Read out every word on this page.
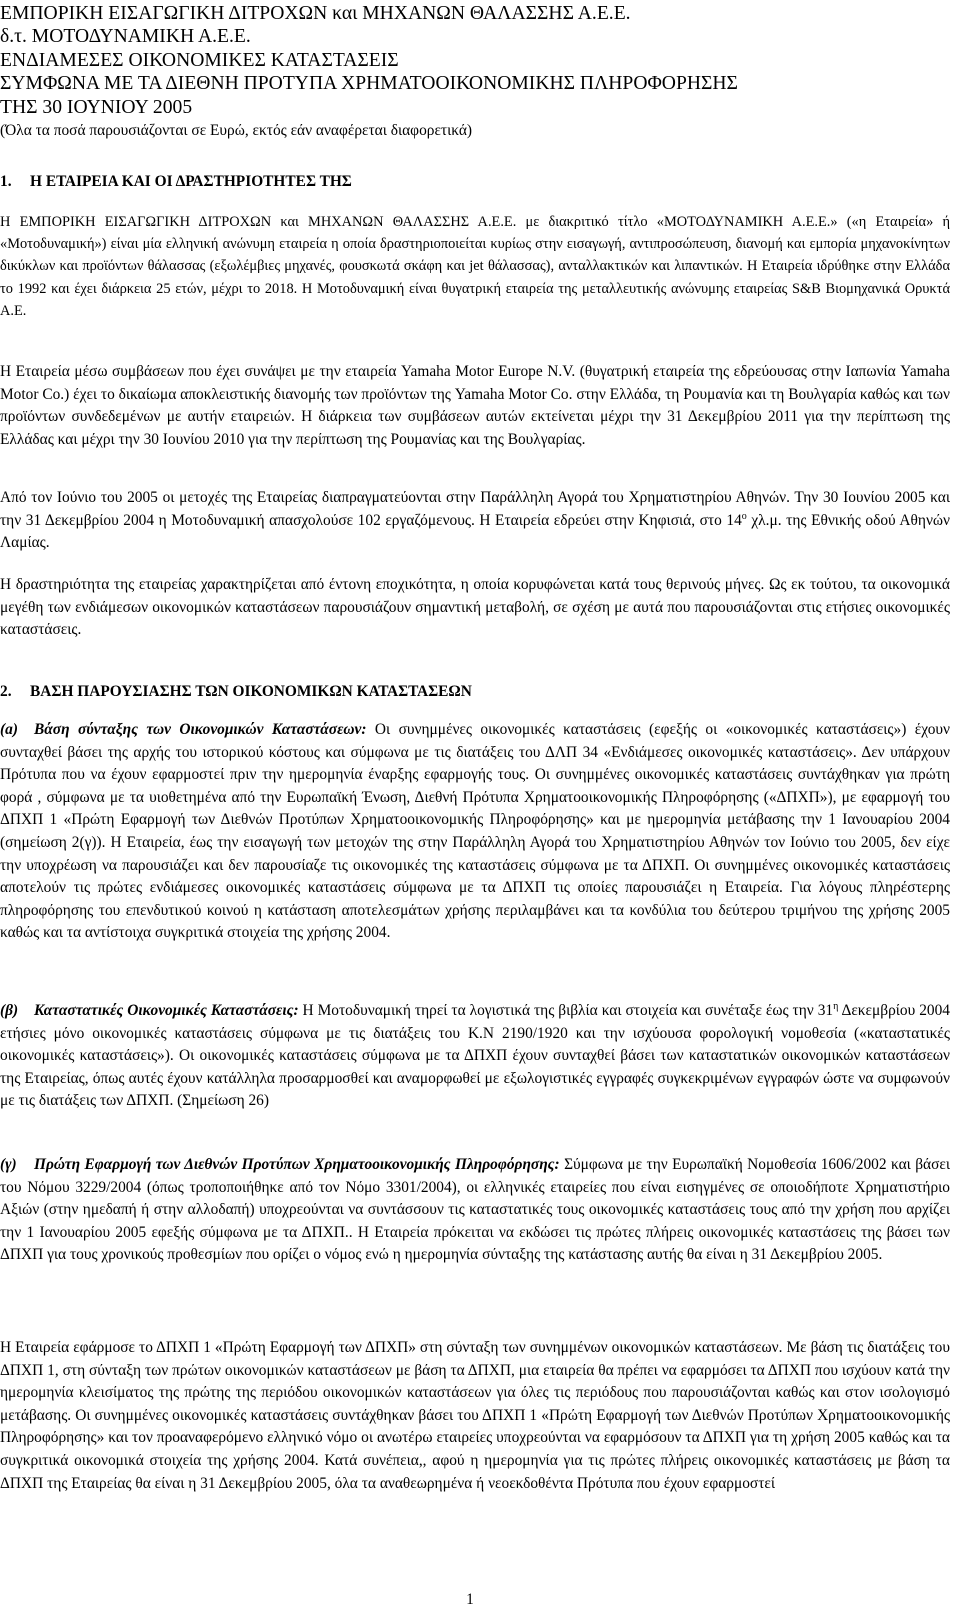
ΕΜΠΟΡΙΚΗ ΕΙΣΑΓΩΓΙΚΗ ΔΙΤΡΟΧΩΝ και ΜΗΧΑΝΩΝ ΘΑΛΑΣΣΗΣ Α.Ε.Ε.
δ.τ. ΜΟΤΟΔΥΝΑΜΙΚΗ Α.Ε.Ε.
ΕΝΔΙΑΜΕΣΕΣ ΟΙΚΟΝΟΜΙΚΕΣ ΚΑΤΑΣΤΑΣΕΙΣ
ΣΥΜΦΩΝΑ ΜΕ ΤΑ ΔΙΕΘΝΗ ΠΡΟΤΥΠΑ ΧΡΗΜΑΤΟΟΙΚΟΝΟΜΙΚΗΣ ΠΛΗΡΟΦΟΡΗΣΗΣ
ΤΗΣ 30 ΙΟΥΝΙΟΥ 2005
(Όλα τα ποσά παρουσιάζονται σε Ευρώ, εκτός εάν αναφέρεται διαφορετικά)
1. Η ΕΤΑΙΡΕΙΑ ΚΑΙ ΟΙ ΔΡΑΣΤΗΡΙΟΤΗΤΕΣ ΤΗΣ

Η ΕΜΠΟΡΙΚΗ ΕΙΣΑΓΩΓΙΚΗ ΔΙΤΡΟΧΩΝ και ΜΗΧΑΝΩΝ ΘΑΛΑΣΣΗΣ Α.Ε.Ε. με διακριτικό τίτλο «ΜΟΤΟΔΥΝΑΜΙΚΗ Α.Ε.Ε.» («η Εταιρεία» ή «Μοτοδυναμική») είναι μία ελληνική ανώνυμη εταιρεία η οποία δραστηριοποιείται κυρίως στην εισαγωγή, αντιπροσώπευση, διανομή και εμπορία μηχανοκίνητων δικύκλων και προϊόντων θάλασσας (εξωλέμβιες μηχανές, φουσκωτά σκάφη και jet θάλασσας), ανταλλακτικών και λιπαντικών. Η Εταιρεία ιδρύθηκε στην Ελλάδα το 1992 και έχει διάρκεια 25 ετών, μέχρι το 2018. Η Μοτοδυναμική είναι θυγατρική εταιρεία της μεταλλευτικής ανώνυμης εταιρείας S&B Βιομηχανικά Ορυκτά Α.Ε.

Η Εταιρεία μέσω συμβάσεων που έχει συνάψει με την εταιρεία Yamaha Motor Europe N.V. (θυγατρική εταιρεία της εδρεύουσας στην Ιαπωνία Yamaha Motor Co.) έχει το δικαίωμα αποκλειστικής διανομής των προϊόντων της Yamaha Motor Co. στην Ελλάδα, τη Ρουμανία και τη Βουλγαρία καθώς και των προϊόντων συνδεδεμένων με αυτήν εταιρειών. Η διάρκεια των συμβάσεων αυτών εκτείνεται μέχρι την 31 Δεκεμβρίου 2011 για την περίπτωση της Ελλάδας και μέχρι την 30 Ιουνίου 2010 για την περίπτωση της Ρουμανίας και της Βουλγαρίας.

Από τον Ιούνιο του 2005 οι μετοχές της Εταιρείας διαπραγματεύονται στην Παράλληλη Αγορά του Χρηματιστηρίου Αθηνών. Την 30 Ιουνίου 2005 και την 31 Δεκεμβρίου 2004 η Μοτοδυναμική απασχολούσε 102 εργαζόμενους. Η Εταιρεία εδρεύει στην Κηφισιά, στο $14^o$ χλ.μ. της Εθνικής οδού Αθηνών Λαμίας.

Η δραστηριότητα της εταιρείας χαρακτηρίζεται από έντονη εποχικότητα, η οποία κορυφώνεται κατά τους θερινούς μήνες. Ως εκ τούτου, τα οικονομικά μεγέθη των ενδιάμεσων οικονομικών καταστάσεων παρουσιάζουν σημαντική μεταβολή, σε σχέση με αυτά που παρουσιάζονται στις ετήσιες οικονομικές καταστάσεις.

2. ΒΑΣΗ ΠΑΡΟΥΣΙΑΣΗΣ ΤΩΝ ΟΙΚΟΝΟΜΙΚΩΝ ΚΑΤΑΣΤΑΣΕΩΝ

(a) Βάση σύνταξης των Οικονομικών Καταστάσεων: Οι συνημμένες οικονομικές καταστάσεις (εφεξής οι «οικονομικές καταστάσεις») έχουν συνταχθεί βάσει της αρχής του ιστορικού κόστους και σύμφωνα με τις διατάξεις του ΔΛΠ 34 «Ενδιάμεσες οικονομικές καταστάσεις». Δεν υπάρχουν Πρότυπα που να έχουν εφαρμοστεί πριν την ημερομηνία έναρξης εφαρμογής τους. Οι συνημμένες οικονομικές καταστάσεις συντάχθηκαν για πρώτη φορά , σύμφωνα με τα υιοθετημένα από την Ευρωπαϊκή Ένωση, Διεθνή Πρότυπα Χρηματοοικονομικής Πληροφόρησης («ΔΠΧΠ»), με εφαρμογή του ΔΠΧΠ 1 «Πρώτη Εφαρμογή των Διεθνών Προτύπων Χρηματοοικονομικής Πληροφόρησης» και με ημερομηνία μετάβασης την 1 Ιανουαρίου 2004 (σημείωση 2(γ)). Η Εταιρεία, έως την εισαγωγή των μετοχών της στην Παράλληλη Αγορά του Χρηματιστηρίου Αθηνών τον Ιούνιο του 2005, δεν είχε την υποχρέωση να παρουσιάζει και δεν παρουσίαζε τις οικονομικές της καταστάσεις σύμφωνα με τα ΔΠΧΠ. Οι συνημμένες οικονομικές καταστάσεις αποτελούν τις πρώτες ενδιάμεσες οικονομικές καταστάσεις σύμφωνα με τα ΔΠΧΠ τις οποίες παρουσιάζει η Εταιρεία. Για λόγους πληρέστερης πληροφόρησης του επενδυτικού κοινού η κατάσταση αποτελεσμάτων χρήσης περιλαμβάνει και τα κονδύλια του δεύτερου τριμήνου της χρήσης 2005 καθώς και τα αντίστοιχα συγκριτικά στοιχεία της χρήσης 2004.

(β) Καταστατικές Οικονομικές Καταστάσεις: Η Μοτοδυναμική τηρεί τα λογιστικά της βιβλία και στοιχεία και συνέταξε έως την $31^\eta$ Δεκεμβρίου 2004 ετήσιες μόνο οικονομικές καταστάσεις σύμφωνα με τις διατάξεις του Κ.Ν 2190/1920 και την ισχύουσα φορολογική νομοθεσία («καταστατικές οικονομικές καταστάσεις»). Οι οικονομικές καταστάσεις σύμφωνα με τα ΔΠΧΠ έχουν συνταχθεί βάσει των καταστατικών οικονομικών καταστάσεων της Εταιρείας, όπως αυτές έχουν κατάλληλα προσαρμοσθεί και αναμορφωθεί με εξωλογιστικές εγγραφές συγκεκριμένων εγγραφών ώστε να συμφωνούν με τις διατάξεις των ΔΠΧΠ. (Σημείωση 26)

(γ) Πρώτη Εφαρμογή των Διεθνών Προτύπων Χρηματοοικονομικής Πληροφόρησης: Σύμφωνα με την Ευρωπαϊκή Νομοθεσία 1606/2002 και βάσει του Νόμου 3229/2004 (όπως τροποποιήθηκε από τον Νόμο 3301/2004), οι ελληνικές εταιρείες που είναι εισηγμένες σε οποιοδήποτε Χρηματιστήριο Αξιών (στην ημεδαπή ή στην αλλοδαπή) υποχρεούνται να συντάσσουν τις καταστατικές τους οικονομικές καταστάσεις τους από την χρήση που αρχίζει την 1 Ιανουαρίου 2005 εφεξής σύμφωνα με τα ΔΠΧΠ.. Η Εταιρεία πρόκειται να εκδώσει τις πρώτες πλήρεις οικονομικές καταστάσεις της βάσει των ΔΠΧΠ για τους χρονικούς προθεσμίων που ορίζει ο νόμος ενώ η ημερομηνία σύνταξης της κατάστασης αυτής θα είναι η 31 Δεκεμβρίου 2005.

Η Εταιρεία εφάρμοσε το ΔΠΧΠ 1 «Πρώτη Εφαρμογή των ΔΠΧΠ» στη σύνταξη των συνημμένων οικονομικών καταστάσεων. Με βάση τις διατάξεις του ΔΠΧΠ 1, στη σύνταξη των πρώτων οικονομικών καταστάσεων με βάση τα ΔΠΧΠ, μια εταιρεία θα πρέπει να εφαρμόσει τα ΔΠΧΠ που ισχύουν κατά την ημερομηνία κλεισίματος της πρώτης της περιόδου οικονομικών καταστάσεων για όλες τις περιόδους που παρουσιάζονται καθώς και στον ισολογισμό μετάβασης. Οι συνημμένες οικονομικές καταστάσεις συντάχθηκαν βάσει του ΔΠΧΠ 1 «Πρώτη Εφαρμογή των Διεθνών Προτύπων Χρηματοοικονομικής Πληροφόρησης» και τον προαναφερόμενο ελληνικό νόμο οι ανωτέρω εταιρείες υποχρεούνται να εφαρμόσουν τα ΔΠΧΠ για τη χρήση 2005 καθώς και τα συγκριτικά οικονομικά στοιχεία της χρήσης 2004. Κατά συνέπεια,, αφού η ημερομηνία για τις πρώτες πλήρεις οικονομικές καταστάσεις με βάση τα ΔΠΧΠ της Εταιρείας θα είναι η 31 Δεκεμβρίου 2005, όλα τα αναθεωρημένα ή νεοεκδοθέντα Πρότυπα που έχουν εφαρμοστεί

1
